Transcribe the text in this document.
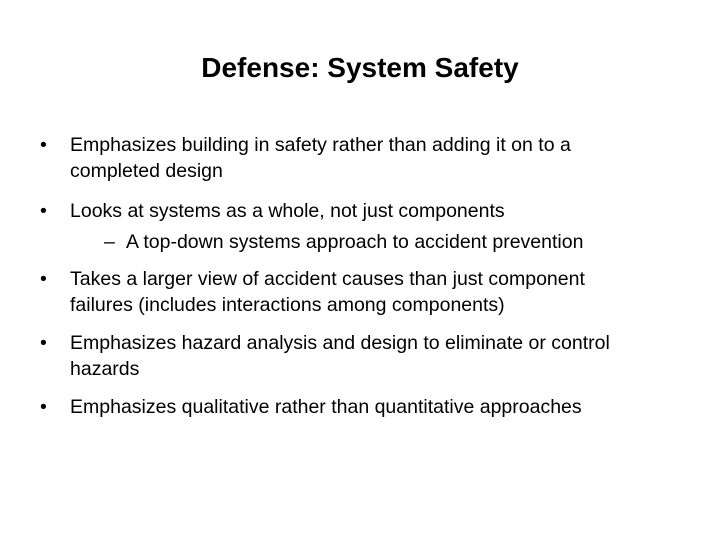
Defense: System Safety
•	Emphasizes building in safety rather than adding it on to a
completed design
•	Looks at systems as a whole, not just components
– A top-down systems approach to accident prevention
•	Takes a larger view of accident causes than just component
failures (includes interactions among components)
•	Emphasizes hazard analysis and design to eliminate or control
hazards
•	Emphasizes qualitative rather than quantitative approaches
